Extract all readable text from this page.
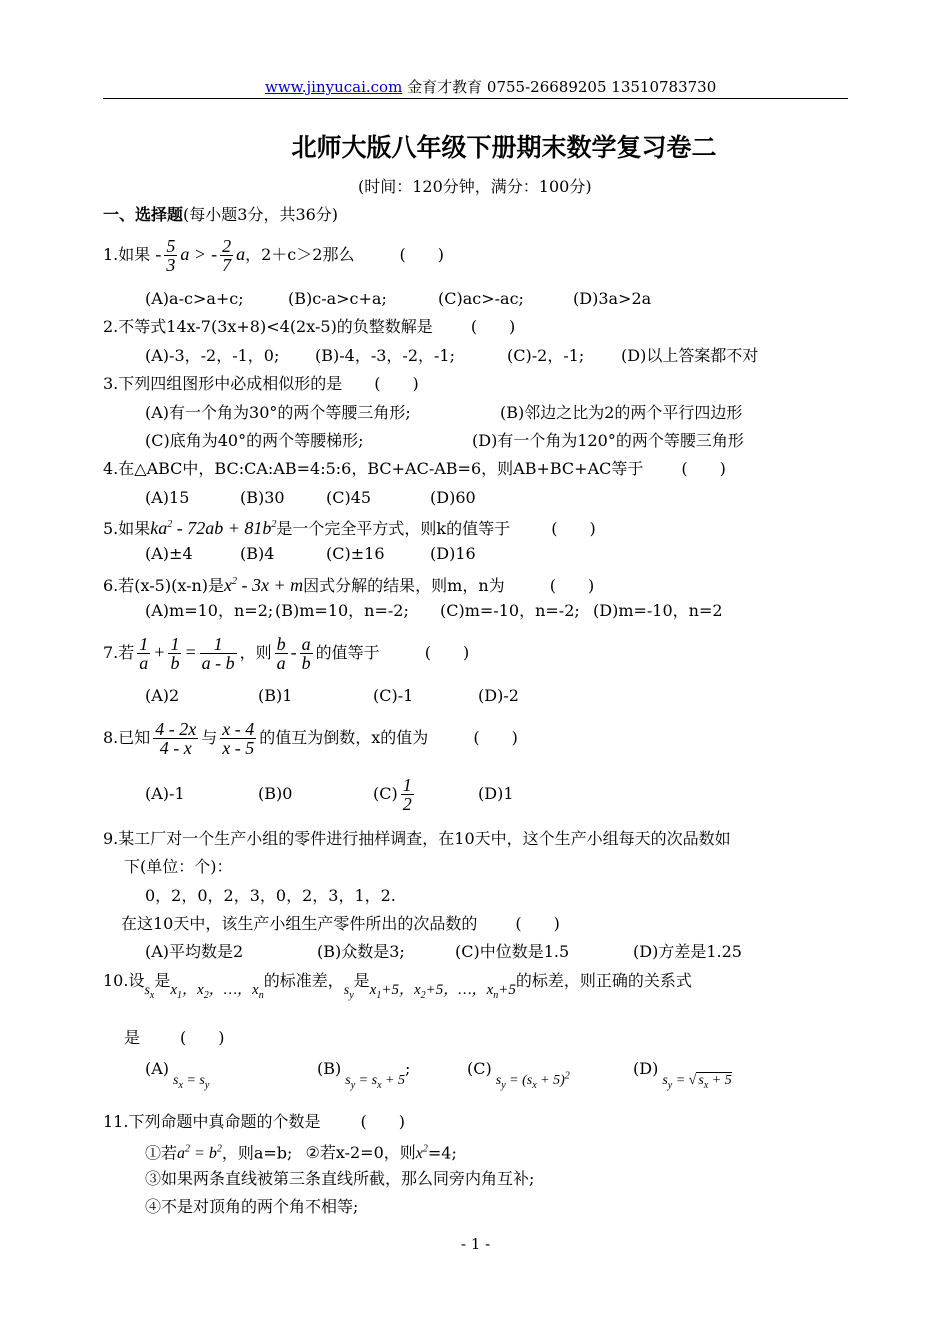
www.jinyucai.com 金育才教育 0755-26689205 13510783730
北师大版八年级下册期末数学复习卷二
(时间：120分钟，满分：100分)
一、选择题(每小题3分，共36分)
1.如果 - $\frac{5}{3}$ a > - $\frac{2}{7}$ a，2＋c＞2那么	(　　)
(A)a-c>a+c;	(B)c-a>c+a;	(C)ac>-ac;	(D)3a>2a
2.不等式14x-7(3x+8)<4(2x-5)的负整数解是 (　　)
(A)-3，-2，-1，0; (B)-4，-3，-2，-1;	(C)-2，-1; (D)以上答案都不对
3.下列四组图形中必成相似形的是 (　　)
(A)有一个角为30°的两个等腰三角形;	(B)邻边之比为2的两个平行四边形
(C)底角为40°的两个等腰梯形;	(D)有一个角为120°的两个等腰三角形
4.在△ABC中，BC:CA:AB=4:5:6，BC+AC-AB=6，则AB+BC+AC等于 (　　)
(A)15	(B)30	(C)45	(D)60
5.如果$ka^2 - 72ab + 81b^2$是一个完全平方式，则k的值等于	(　　)
(A)±4	(B)4	(C)±16	(D)16
6.若(x-5)(x-n)是$x^2 - 3x + m$因式分解的结果，则m，n为	(　　)
(A)m=10，n=2; (B)m=10，n=-2; (C)m=-10，n=-2; (D)m=-10，n=2
7.若 $\frac{1}{a} + \frac{1}{b} = \frac{1}{a - b}$ ，则 $\frac{b}{a} - \frac{a}{b}$ 的值等于	(　　)
(A)2	(B)1	(C)-1	(D)-2
8.已知 $\frac{4 - 2x}{4 - x}$ 与 $\frac{x - 4}{x - 5}$ 的值互为倒数，x的值为	(　　)
(A)-1	(B)0	$(C) \frac{1}{2}$	(D)1
9.某工厂对一个生产小组的零件进行抽样调查，在10天中，这个生产小组每天的次品数如
下(单位：个)：
0，2，0，2，3，0，2，3，1，2.
在这10天中，该生产小组生产零件所出的次品数的 (　　)
(A)平均数是2	(B)众数是3;	(C)中位数是1.5	(D)方差是1.25
10.设$s_x$是$x_1$，$x_2$，…，$x_n$的标准差，$s_y$是$x_1+5$，$x_2+5$，…，$x_n+5$的标差，则正确的关系式
是	(　　)
$(A)s_x = s_y$
$(B)s_y = s_x + 5$;	$(C)s_y = (s_x + 5)^2$	$(D)s_y$ = √ $s_x + 5$
11.下列命题中真命题的个数是	(　　)
①若$a^2 = b^2$，则a=b; ②若x-2=0，则$x^2=4$;
③如果两条直线被第三条直线所截，那么同旁内角互补;
④不是对顶角的两个角不相等;
- 1 -
